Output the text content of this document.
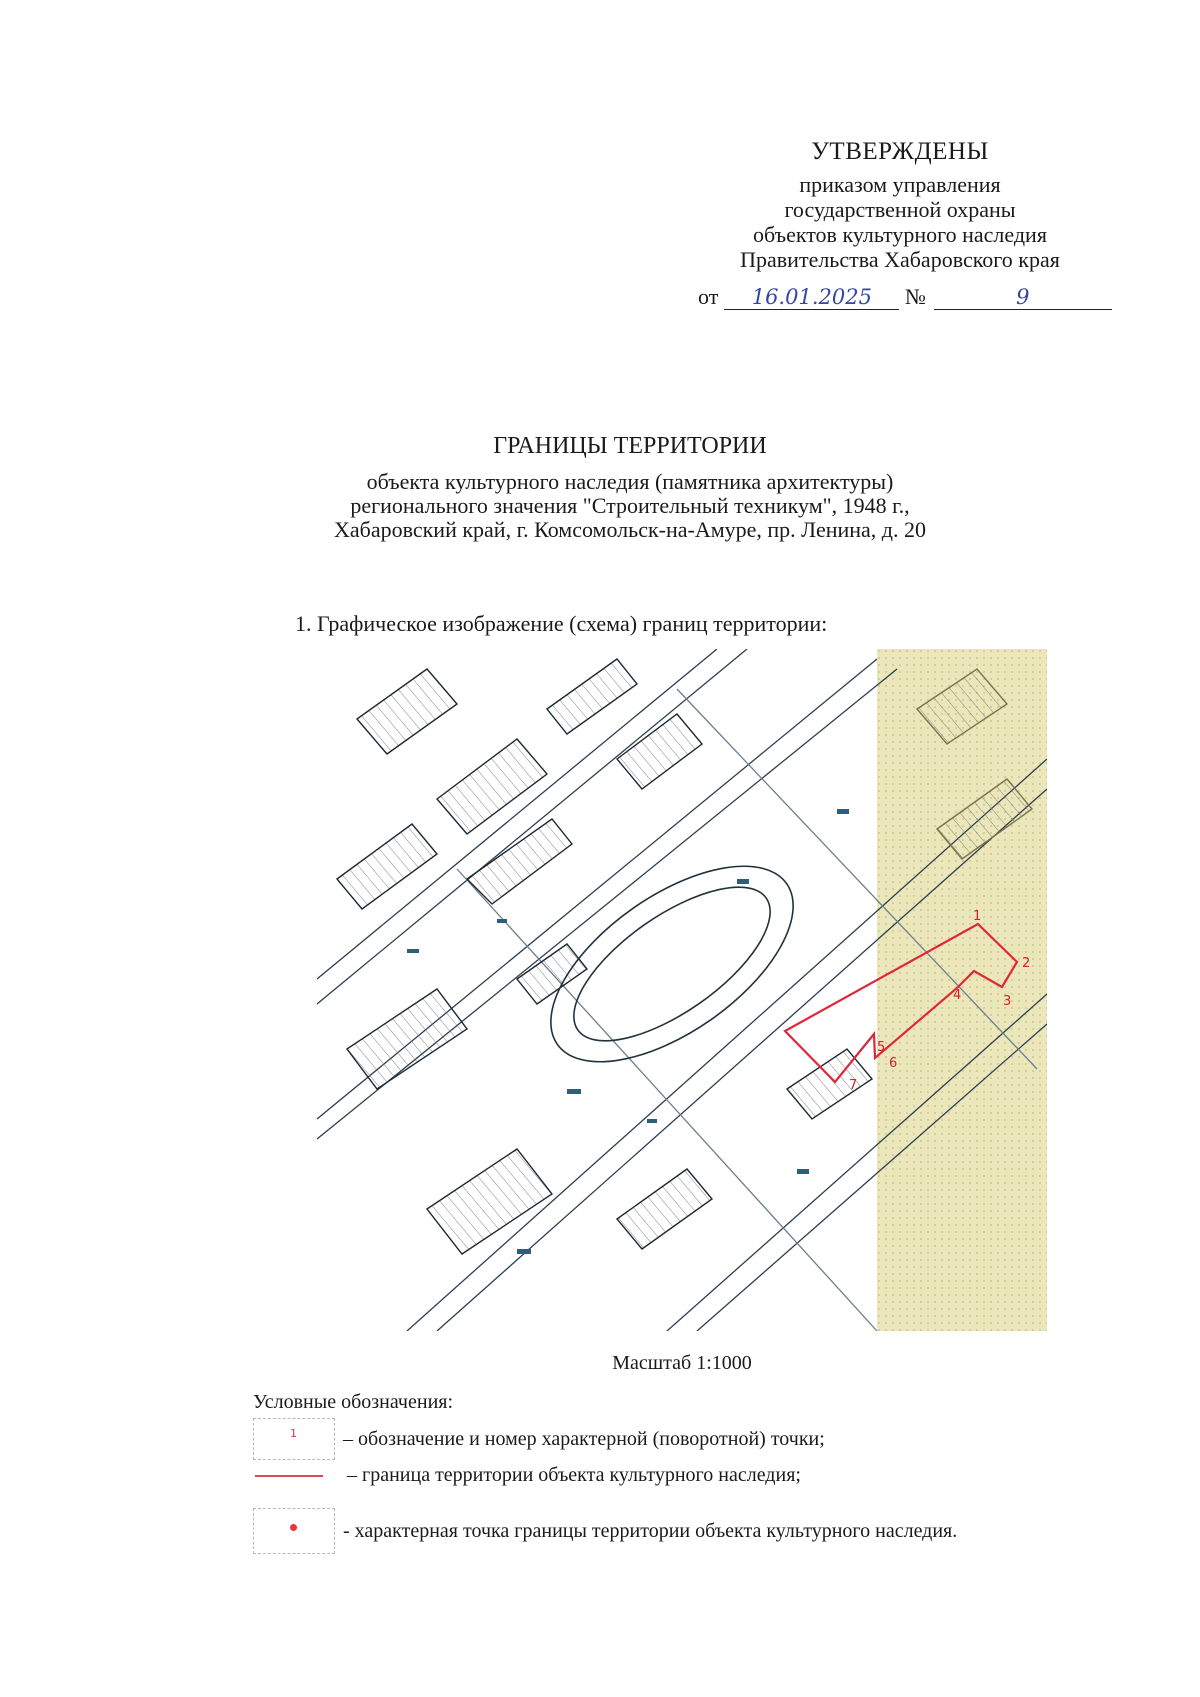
УТВЕРЖДЕНЫ
приказом управления
государственной охраны
объектов культурного наследия
Правительства Хабаровского края
от 16.01.2025 №	9
ГРАНИЦЫ ТЕРРИТОРИИ
объекта культурного наследия (памятника архитектуры)
регионального значения "Строительный техникум", 1948 г.,
Хабаровский край, г. Комсомольск-на-Амуре, пр. Ленина, д. 20
1. Графическое изображение (схема) границ территории:
1
2
3
4
5
6
7
Масштаб 1:1000
Условные обозначения:
1 – обозначение и номер характерной (поворотной) точки;
– граница территории объекта культурного наследия;
- характерная точка границы территории объекта культурного наследия.
